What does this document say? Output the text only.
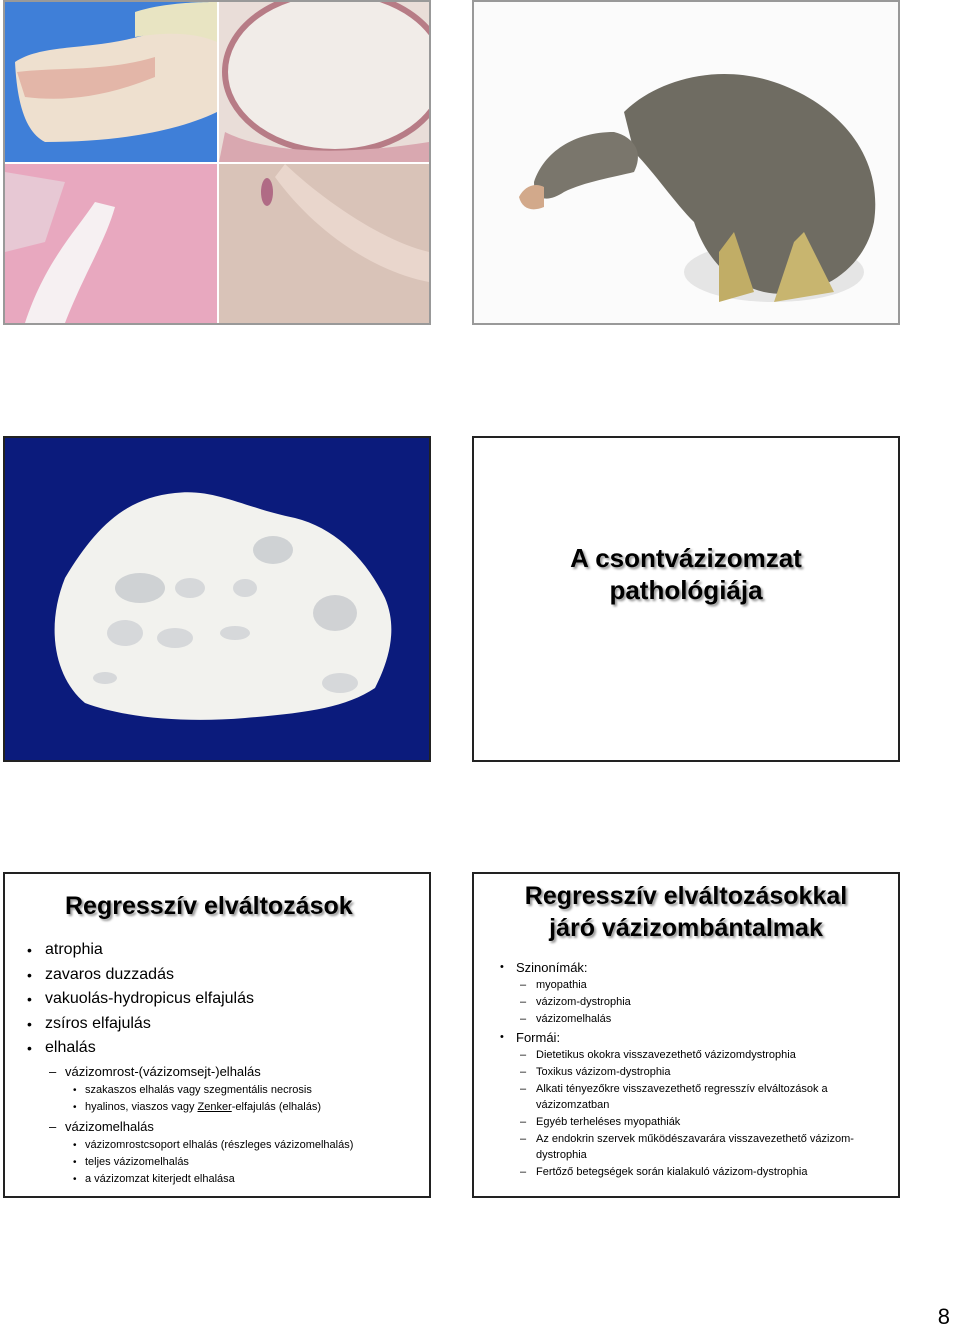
A csontvázizomzat
pathológiája
Regresszív elváltozások
• atrophia
• zavaros duzzadás
• vakuolás-hydropicus elfajulás
• zsíros elfajulás
• elhalás
– vázizomrost-(vázizomsejt-)elhalás
• szakaszos elhalás vagy szegmentális necrosis
• hyalinos, viaszos vagy Zenker-elfajulás (elhalás)
– vázizomelhalás
• vázizomrostcsoport elhalás (részleges vázizomelhalás)
• teljes vázizomelhalás
• a vázizomzat kiterjedt elhalása
Regresszív elváltozásokkal
járó vázizombántalmak
• Szinonímák:
– myopathia
– vázizom-dystrophia
– vázizomelhalás
• Formái:
– Dietetikus okokra visszavezethető vázizomdystrophia
– Toxikus vázizom-dystrophia
– Alkati tényezőkre visszavezethető regresszív elváltozások a vázizomzatban
– Egyéb terheléses myopathiák
– Az endokrin szervek működészavarára visszavezethető vázizom-dystrophia
– Fertőző betegségek során kialakuló vázizom-dystrophia
8
